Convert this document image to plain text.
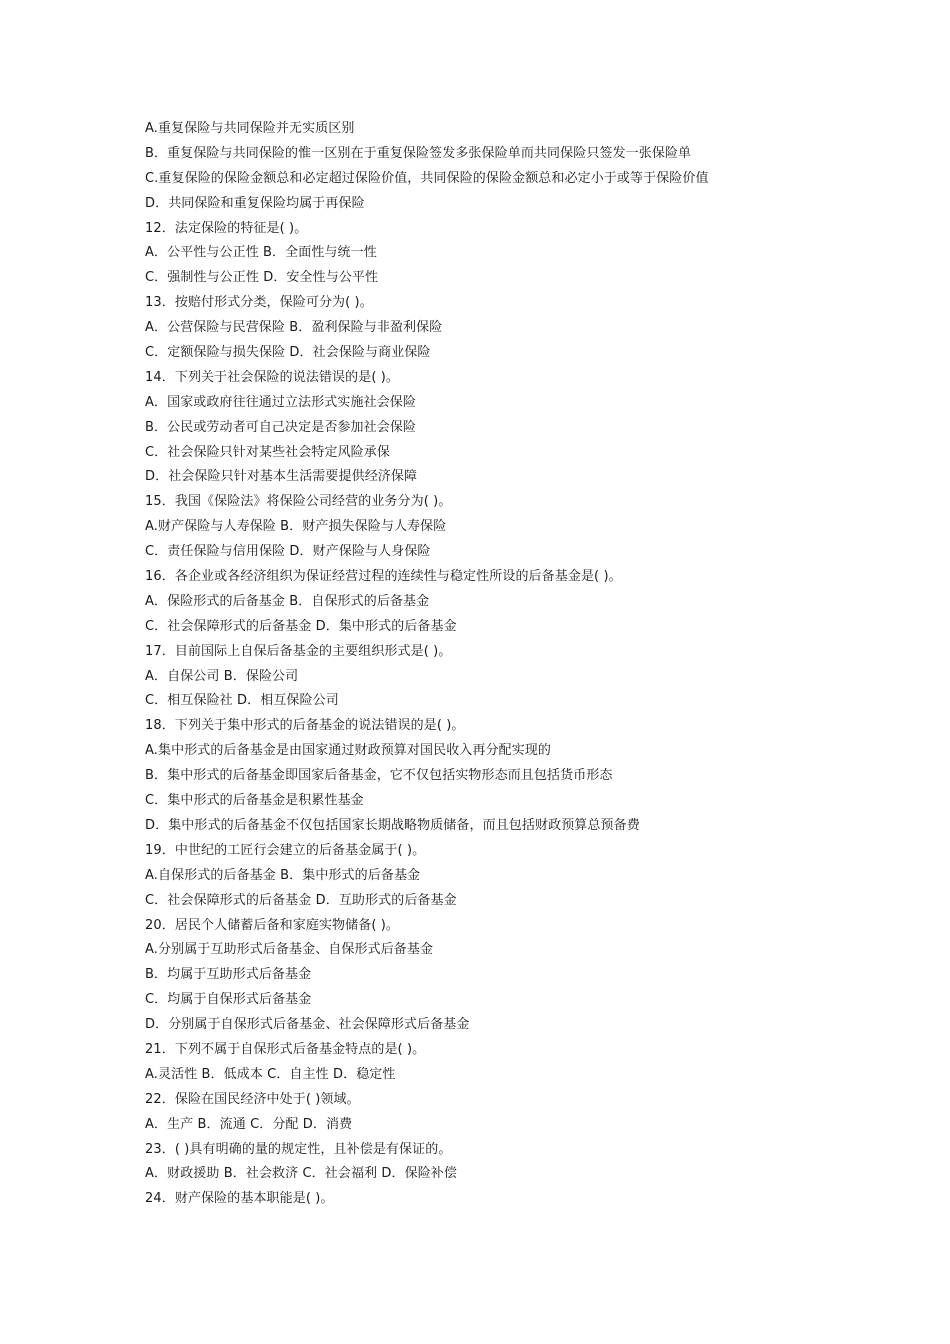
A.重复保险与共同保险并无实质区别
B．重复保险与共同保险的惟一区别在于重复保险签发多张保险单而共同保险只签发一张保险单
C.重复保险的保险金额总和必定超过保险价值，共同保险的保险金额总和必定小于或等于保险价值
D．共同保险和重复保险均属于再保险
12．法定保险的特征是( )。
A．公平性与公正性 B．全面性与统一性
C．强制性与公正性 D．安全性与公平性
13．按赔付形式分类，保险可分为( )。
A．公营保险与民营保险 B．盈利保险与非盈利保险
C．定额保险与损失保险 D．社会保险与商业保险
14．下列关于社会保险的说法错误的是( )。
A．国家或政府往往通过立法形式实施社会保险
B．公民或劳动者可自己决定是否参加社会保险
C．社会保险只针对某些社会特定风险承保
D．社会保险只针对基本生活需要提供经济保障
15．我国《保险法》将保险公司经营的业务分为( )。
A.财产保险与人寿保险 B．财产损失保险与人寿保险
C．责任保险与信用保险 D．财产保险与人身保险
16．各企业或各经济组织为保证经营过程的连续性与稳定性所设的后备基金是( )。
A．保险形式的后备基金 B．自保形式的后备基金
C．社会保障形式的后备基金 D．集中形式的后备基金
17．目前国际上自保后备基金的主要组织形式是( )。
A．自保公司 B．保险公司
C．相互保险社 D．相互保险公司
18．下列关于集中形式的后备基金的说法错误的是( )。
A.集中形式的后备基金是由国家通过财政预算对国民收入再分配实现的
B．集中形式的后备基金即国家后备基金，它不仅包括实物形态而且包括货币形态
C．集中形式的后备基金是积累性基金
D．集中形式的后备基金不仅包括国家长期战略物质储备，而且包括财政预算总预备费
19．中世纪的工匠行会建立的后备基金属于( )。
A.自保形式的后备基金 B．集中形式的后备基金
C．社会保障形式的后备基金 D．互助形式的后备基金
20．居民个人储蓄后备和家庭实物储备( )。
A.分别属于互助形式后备基金、自保形式后备基金
B．均属于互助形式后备基金
C．均属于自保形式后备基金
D．分别属于自保形式后备基金、社会保障形式后备基金
21．下列不属于自保形式后备基金特点的是( )。
A.灵活性 B．低成本 C．自主性 D．稳定性
22．保险在国民经济中处于( )领域。
A．生产 B．流通 C．分配 D．消费
23．( )具有明确的量的规定性，且补偿是有保证的。
A．财政援助 B．社会救济 C．社会福利 D．保险补偿
24．财产保险的基本职能是( )。
